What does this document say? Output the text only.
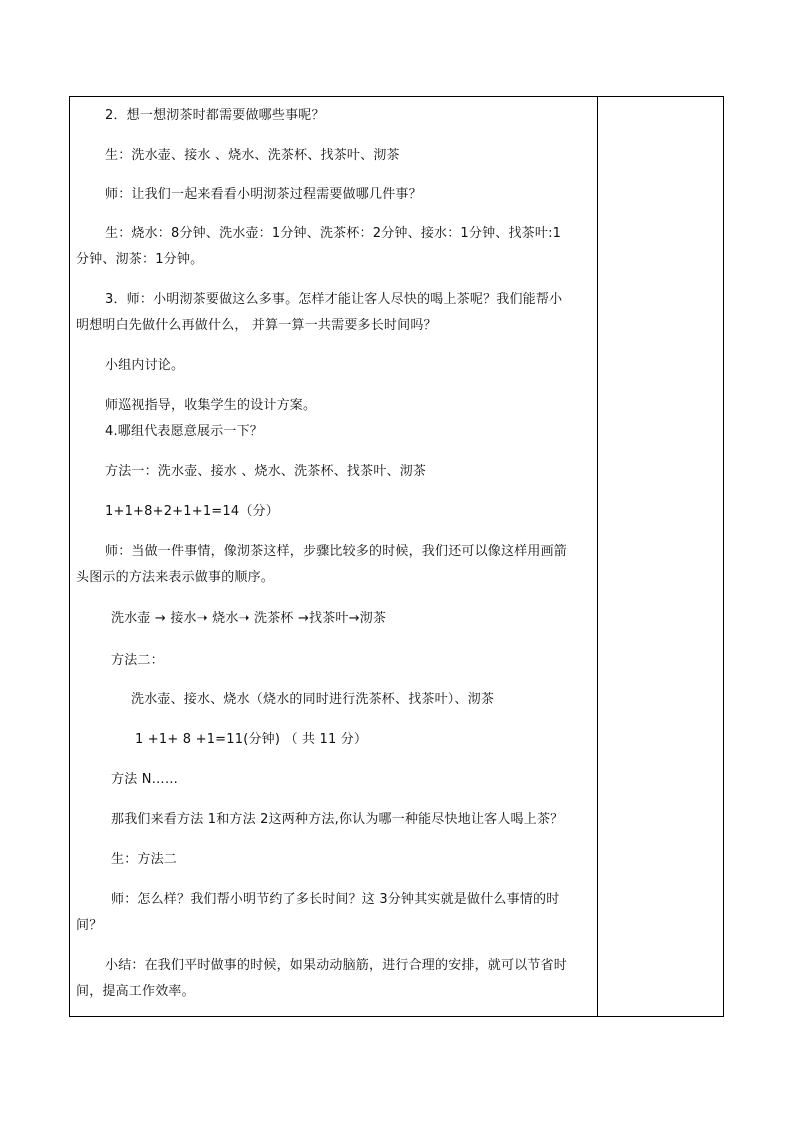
2．想一想沏茶时都需要做哪些事呢？
生：洗水壶、接水 、烧水、洗茶杯、找茶叶、沏茶
师：让我们一起来看看小明沏茶过程需要做哪几件事？
生：烧水：8分钟、洗水壶：1分钟、洗茶杯：2分钟、接水：1分钟、找茶叶:1
分钟、沏茶：1分钟。
3．师：小明沏茶要做这么多事。怎样才能让客人尽快的喝上茶呢？我们能帮小
明想明白先做什么再做什么， 并算一算一共需要多长时间吗？
小组内讨论。
师巡视指导，收集学生的设计方案。
4.哪组代表愿意展示一下？
方法一：洗水壶、接水 、烧水、洗茶杯、找茶叶、沏茶
1+1+8+2+1+1=14（分）
师：当做一件事情，像沏茶这样，步骤比较多的时候，我们还可以像这样用画箭
头图示的方法来表示做事的顺序。
洗水壶 → 接水➝ 烧水➝ 洗茶杯 →找茶叶→沏茶
方法二：
洗水壶、接水、烧水（烧水的同时进行洗茶杯、找茶叶）、沏茶
1 +1+ 8 +1=11(分钟) （ 共 11 分）
方法 N……
那我们来看方法 1和方法 2这两种方法,你认为哪一种能尽快地让客人喝上茶？
生：方法二
师：怎么样？我们帮小明节约了多长时间？这 3分钟其实就是做什么事情的时
间？
小结：在我们平时做事的时候，如果动动脑筋，进行合理的安排，就可以节省时
间，提高工作效率。
